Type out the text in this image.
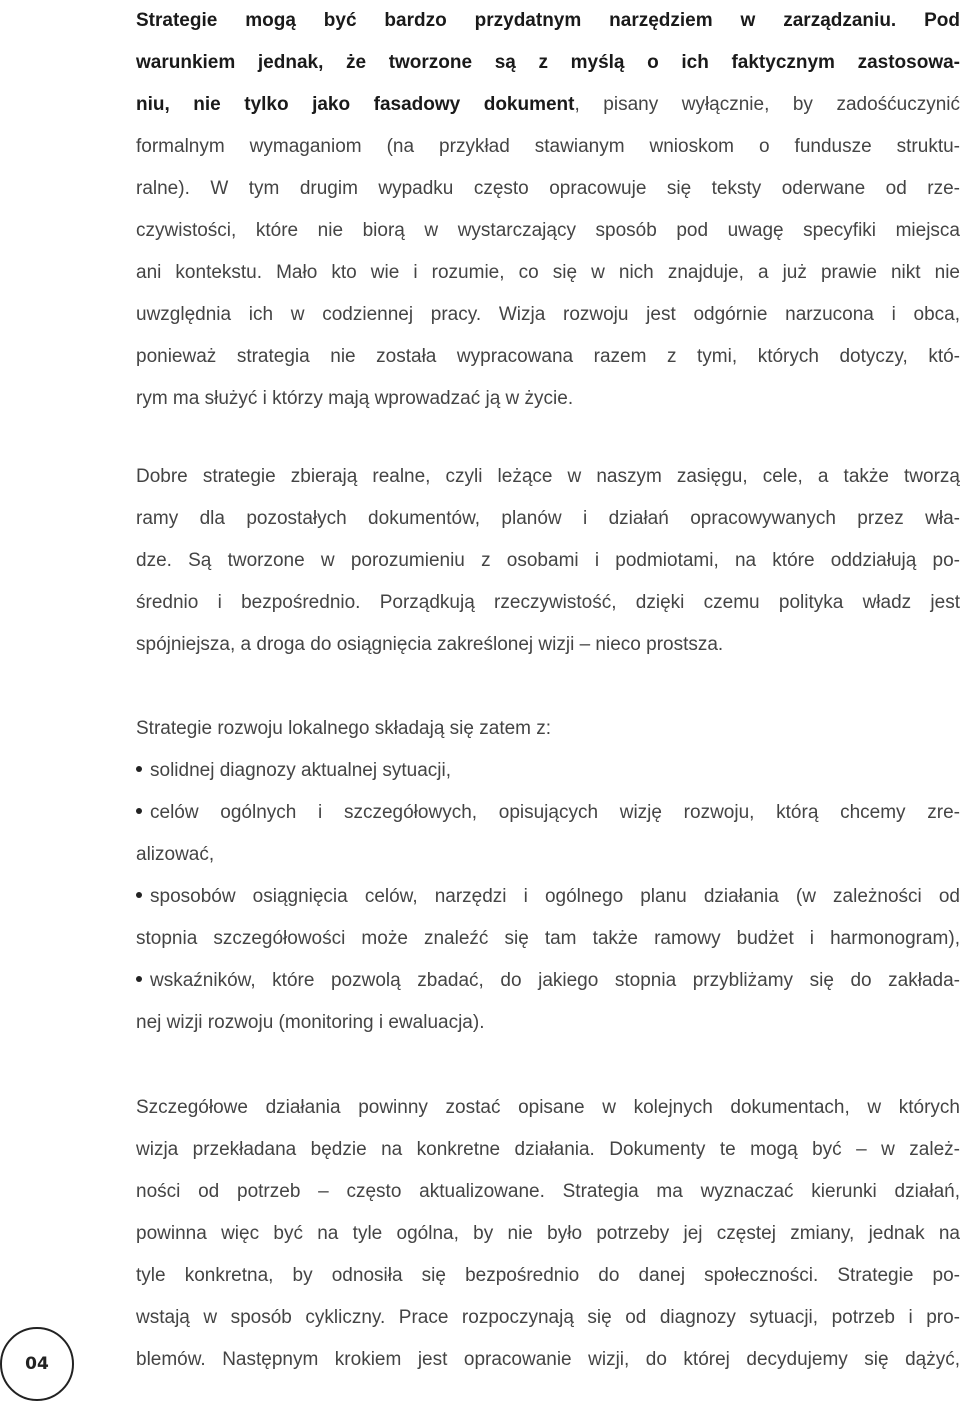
Strategie mogą być bardzo przydatnym narzędziem w zarządzaniu. Pod
warunkiem jednak, że tworzone są z myślą o ich faktycznym zastosowa-
niu, nie tylko jako fasadowy dokument, pisany wyłącznie, by zadośćuczynić
formalnym wymaganiom (na przykład stawianym wnioskom o fundusze struktu-
ralne). W tym drugim wypadku często opracowuje się teksty oderwane od rze-
czywistości, które nie biorą w wystarczający sposób pod uwagę specyfiki miejsca
ani kontekstu. Mało kto wie i rozumie, co się w nich znajduje, a już prawie nikt nie
uwzględnia ich w codziennej pracy. Wizja rozwoju jest odgórnie narzucona i obca,
ponieważ strategia nie została wypracowana razem z tymi, których dotyczy, któ-
rym ma służyć i którzy mają wprowadzać ją w życie.
Dobre strategie zbierają realne, czyli leżące w naszym zasięgu, cele, a także tworzą
ramy dla pozostałych dokumentów, planów i działań opracowywanych przez wła-
dze. Są tworzone w porozumieniu z osobami i podmiotami, na które oddziałują po-
średnio i bezpośrednio. Porządkują rzeczywistość, dzięki czemu polityka władz jest
spójniejsza, a droga do osiągnięcia zakreślonej wizji – nieco prostsza.
Strategie rozwoju lokalnego składają się zatem z:
solidnej diagnozy aktualnej sytuacji,
celów ogólnych i szczegółowych, opisujących wizję rozwoju, którą chcemy zre-
alizować,
sposobów osiągnięcia celów, narzędzi i ogólnego planu działania (w zależności od
stopnia szczegółowości może znaleźć się tam także ramowy budżet i harmonogram),
wskaźników, które pozwolą zbadać, do jakiego stopnia przybliżamy się do zakłada-
nej wizji rozwoju (monitoring i ewaluacja).
Szczegółowe działania powinny zostać opisane w kolejnych dokumentach, w których
wizja przekładana będzie na konkretne działania. Dokumenty te mogą być – w zależ-
ności od potrzeb – często aktualizowane. Strategia ma wyznaczać kierunki działań,
powinna więc być na tyle ogólna, by nie było potrzeby jej częstej zmiany, jednak na
tyle konkretna, by odnosiła się bezpośrednio do danej społeczności. Strategie po-
wstają w sposób cykliczny. Prace rozpoczynają się od diagnozy sytuacji, potrzeb i pro-
blemów. Następnym krokiem jest opracowanie wizji, do której decydujemy się dążyć,
04
